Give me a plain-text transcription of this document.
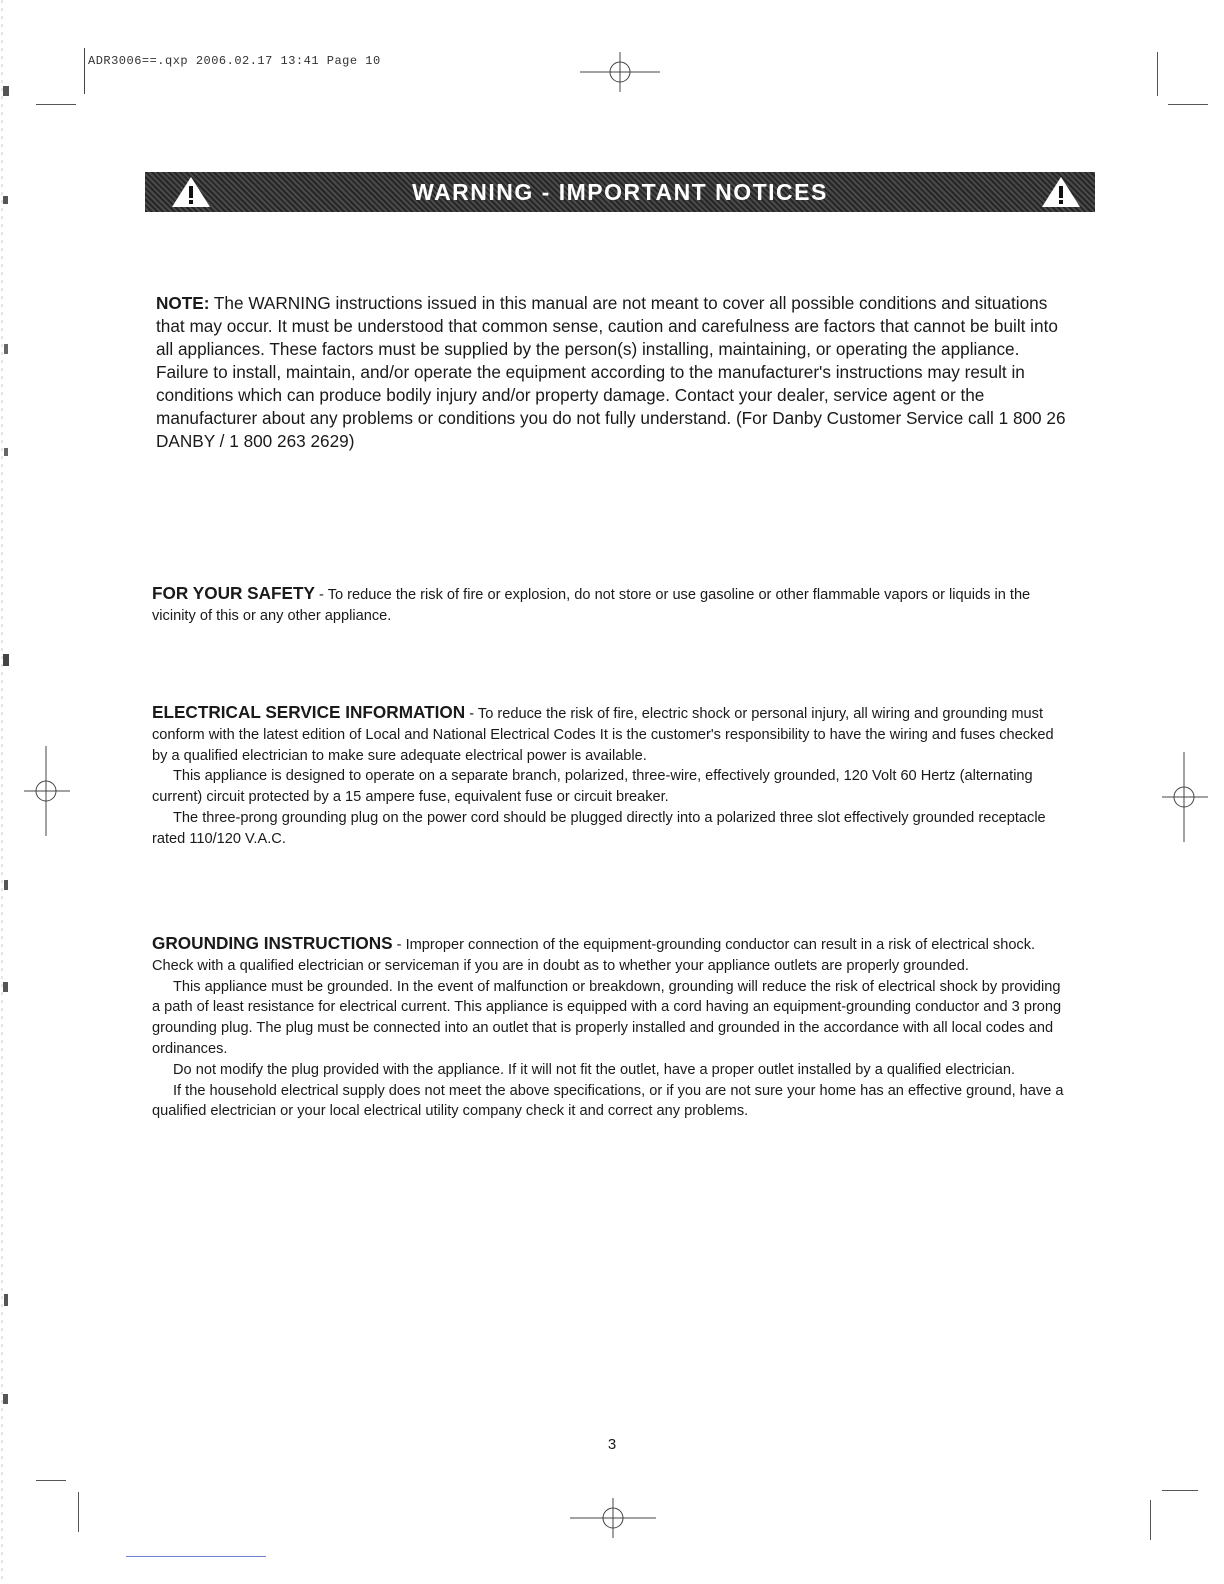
ADR3006==.qxp 2006.02.17 13:41 Page 10
WARNING - IMPORTANT NOTICES
NOTE: The WARNING instructions issued in this manual are not meant to cover all possible conditions and situations that may occur. It must be understood that common sense, caution and carefulness are factors that cannot be built into all appliances. These factors must be supplied by the person(s) installing, maintaining, or operating the appliance. Failure to install, maintain, and/or operate the equipment according to the manufacturer's instructions may result in conditions which can produce bodily injury and/or property damage. Contact your dealer, service agent or the manufacturer about any problems or conditions you do not fully understand. (For Danby Customer Service call 1 800 26 DANBY / 1 800 263 2629)

FOR YOUR SAFETY - To reduce the risk of fire or explosion, do not store or use gasoline or other flammable vapors or liquids in the vicinity of this or any other appliance.

ELECTRICAL SERVICE INFORMATION - To reduce the risk of fire, electric shock or personal injury, all wiring and grounding must conform with the latest edition of Local and National Electrical Codes It is the customer's responsibility to have the wiring and fuses checked by a qualified electrician to make sure adequate electrical power is available.

This appliance is designed to operate on a separate branch, polarized, three-wire, effectively grounded, 120 Volt 60 Hertz (alternating current) circuit protected by a 15 ampere fuse, equivalent fuse or circuit breaker.

The three-prong grounding plug on the power cord should be plugged directly into a polarized three slot effectively grounded receptacle rated 110/120 V.A.C.

GROUNDING INSTRUCTIONS - Improper connection of the equipment-grounding conductor can result in a risk of electrical shock. Check with a qualified electrician or serviceman if you are in doubt as to whether your appliance outlets are properly grounded.

This appliance must be grounded. In the event of malfunction or breakdown, grounding will reduce the risk of electrical shock by providing a path of least resistance for electrical current. This appliance is equipped with a cord having an equipment-grounding conductor and 3 prong grounding plug. The plug must be connected into an outlet that is properly installed and grounded in the accordance with all local codes and ordinances.

Do not modify the plug provided with the appliance. If it will not fit the outlet, have a proper outlet installed by a qualified electrician.

If the household electrical supply does not meet the above specifications, or if you are not sure your home has an effective ground, have a qualified electrician or your local electrical utility company check it and correct any problems.

3
